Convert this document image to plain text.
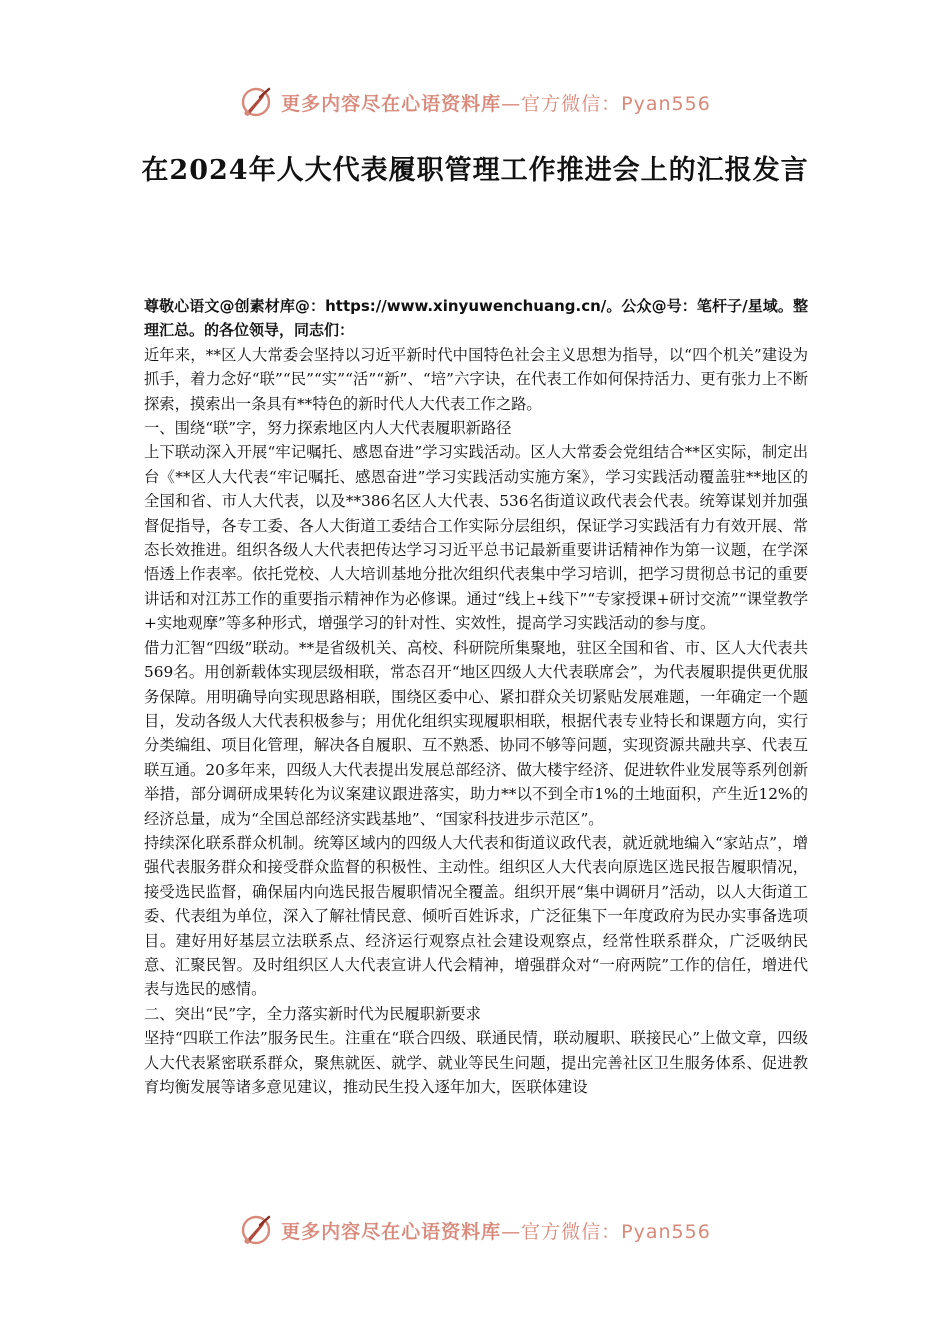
更多内容尽在心语资料库—官方微信：Pyan556
在2024年人大代表履职管理工作推进会上的汇报发言

尊敬心语文@创素材库@：https://www.xinyuwenchuang.cn/。公众@号：笔杆子/星域。整理汇总。的各位领导，同志们：

近年来，**区人大常委会坚持以习近平新时代中国特色社会主义思想为指导，以“四个机关”建设为抓手，着力念好“联”“民”“实”“活”“新”、“培”六字诀，在代表工作如何保持活力、更有张力上不断探索，摸索出一条具有**特色的新时代人大代表工作之路。

一、围绕“联”字，努力探索地区内人大代表履职新路径

上下联动深入开展“牢记嘱托、感恩奋进”学习实践活动。区人大常委会党组结合**区实际，制定出台《**区人大代表“牢记嘱托、感恩奋进”学习实践活动实施方案》，学习实践活动覆盖驻**地区的全国和省、市人大代表，以及**386名区人大代表、536名街道议政代表会代表。统筹谋划并加强督促指导，各专工委、各人大街道工委结合工作实际分层组织，保证学习实践活有力有效开展、常态长效推进。组织各级人大代表把传达学习习近平总书记最新重要讲话精神作为第一议题，在学深悟透上作表率。依托党校、人大培训基地分批次组织代表集中学习培训，把学习贯彻总书记的重要讲话和对江苏工作的重要指示精神作为必修课。通过“线上+线下”“专家授课+研讨交流”“课堂教学+实地观摩”等多种形式，增强学习的针对性、实效性，提高学习实践活动的参与度。

借力汇智“四级”联动。**是省级机关、高校、科研院所集聚地，驻区全国和省、市、区人大代表共569名。用创新载体实现层级相联，常态召开“地区四级人大代表联席会”，为代表履职提供更优服务保障。用明确导向实现思路相联，围绕区委中心、紧扣群众关切紧贴发展难题，一年确定一个题目，发动各级人大代表积极参与；用优化组织实现履职相联，根据代表专业特长和课题方向，实行分类编组、项目化管理，解决各自履职、互不熟悉、协同不够等问题，实现资源共融共享、代表互联互通。20多年来，四级人大代表提出发展总部经济、做大楼宇经济、促进软件业发展等系列创新举措，部分调研成果转化为议案建议跟进落实，助力**以不到全市1%的土地面积，产生近12%的经济总量，成为“全国总部经济实践基地”、“国家科技进步示范区”。

持续深化联系群众机制。统筹区域内的四级人大代表和街道议政代表，就近就地编入“家站点”，增强代表服务群众和接受群众监督的积极性、主动性。组织区人大代表向原选区选民报告履职情况，接受选民监督，确保届内向选民报告履职情况全覆盖。组织开展“集中调研月”活动，以人大街道工委、代表组为单位，深入了解社情民意、倾听百姓诉求，广泛征集下一年度政府为民办实事备选项目。建好用好基层立法联系点、经济运行观察点社会建设观察点，经常性联系群众，广泛吸纳民意、汇聚民智。及时组织区人大代表宣讲人代会精神，增强群众对“一府两院”工作的信任，增进代表与选民的感情。

二、突出“民”字，全力落实新时代为民履职新要求

坚持“四联工作法”服务民生。注重在“联合四级、联通民情，联动履职、联接民心”上做文章，四级人大代表紧密联系群众，聚焦就医、就学、就业等民生问题，提出完善社区卫生服务体系、促进教育均衡发展等诸多意见建议，推动民生投入逐年加大，医联体建设

更多内容尽在心语资料库—官方微信：Pyan556
